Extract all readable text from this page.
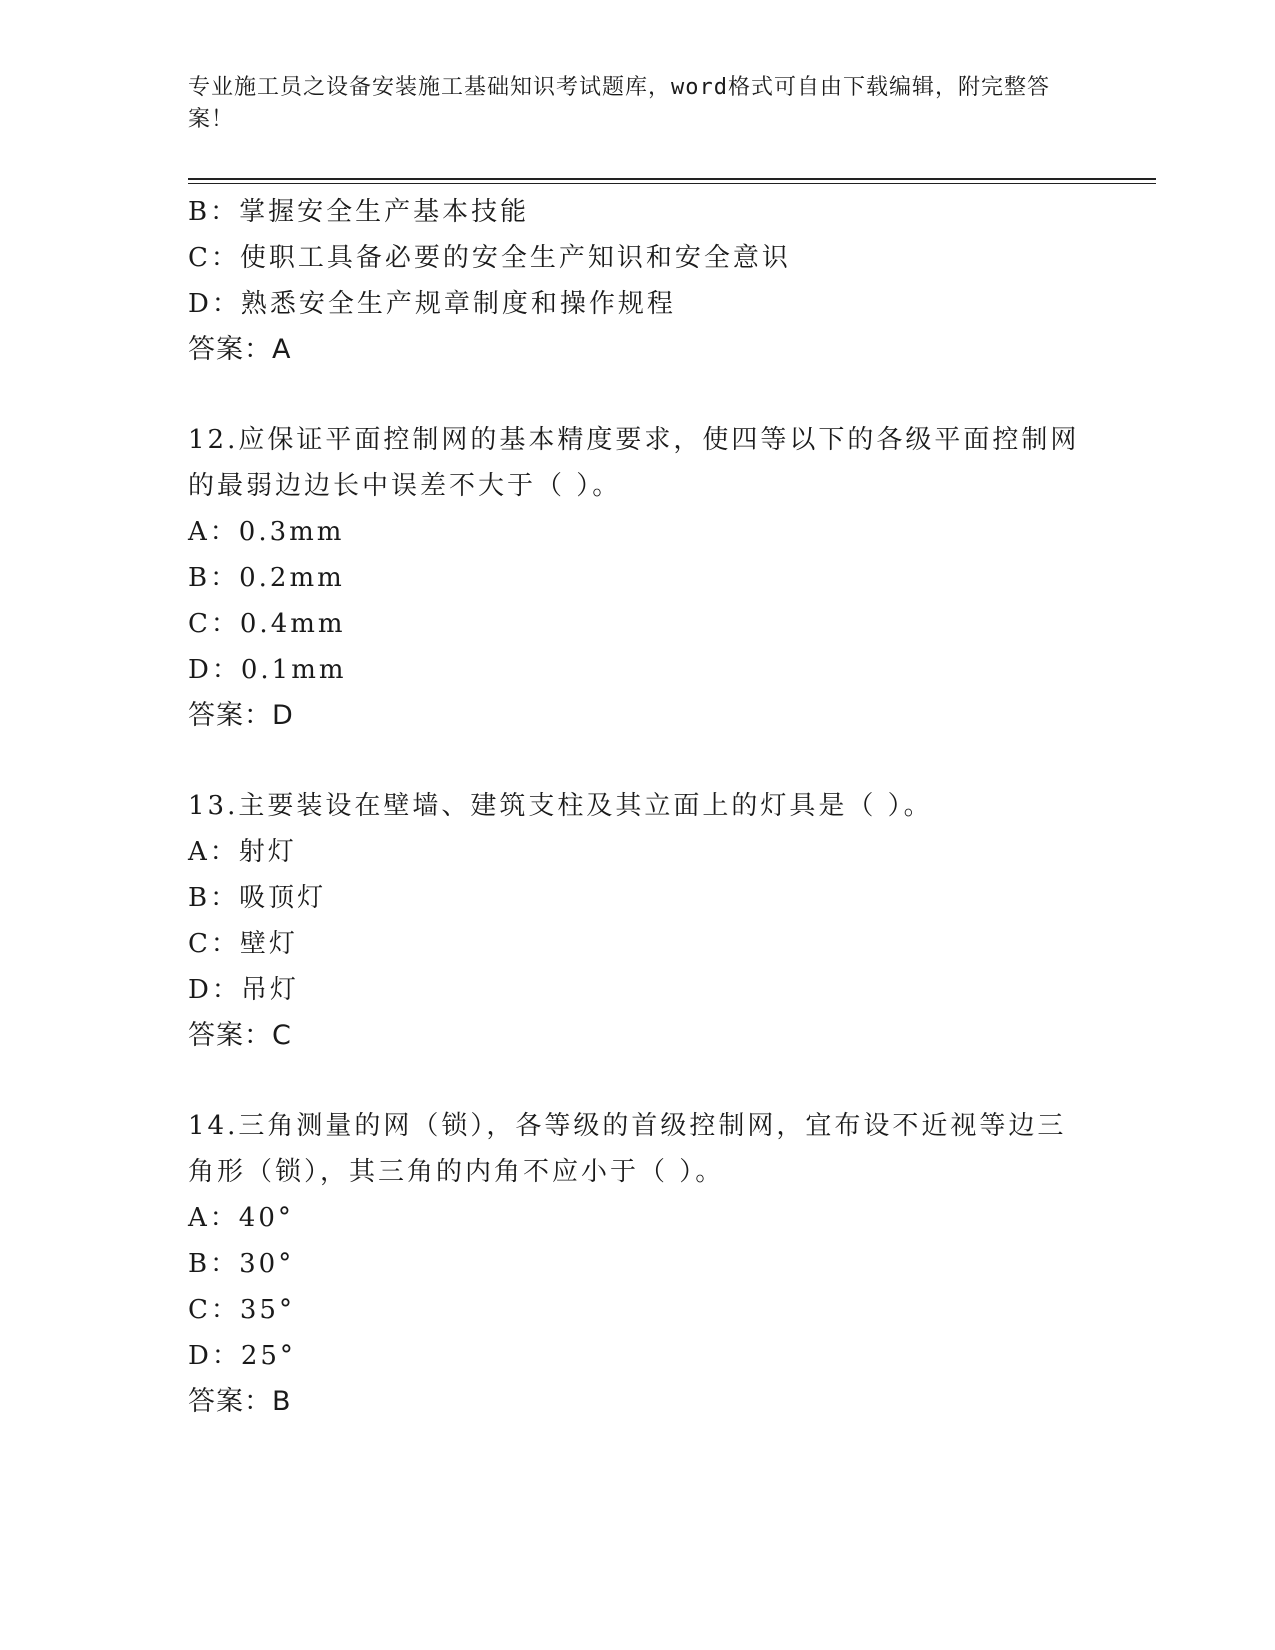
专业施工员之设备安装施工基础知识考试题库，word格式可自由下载编辑，附完整答案！
B：掌握安全生产基本技能
C：使职工具备必要的安全生产知识和安全意识
D：熟悉安全生产规章制度和操作规程
答案：A
12.应保证平面控制网的基本精度要求，使四等以下的各级平面控制网的最弱边边长中误差不大于（ ）。
A：0.3mm
B：0.2mm
C：0.4mm
D：0.1mm
答案：D
13.主要装设在壁墙、建筑支柱及其立面上的灯具是（ ）。
A：射灯
B：吸顶灯
C：壁灯
D：吊灯
答案：C
14.三角测量的网（锁），各等级的首级控制网，宜布设不近视等边三角形（锁），其三角的内角不应小于（ ）。
A：40°
B：30°
C：35°
D：25°
答案：B
